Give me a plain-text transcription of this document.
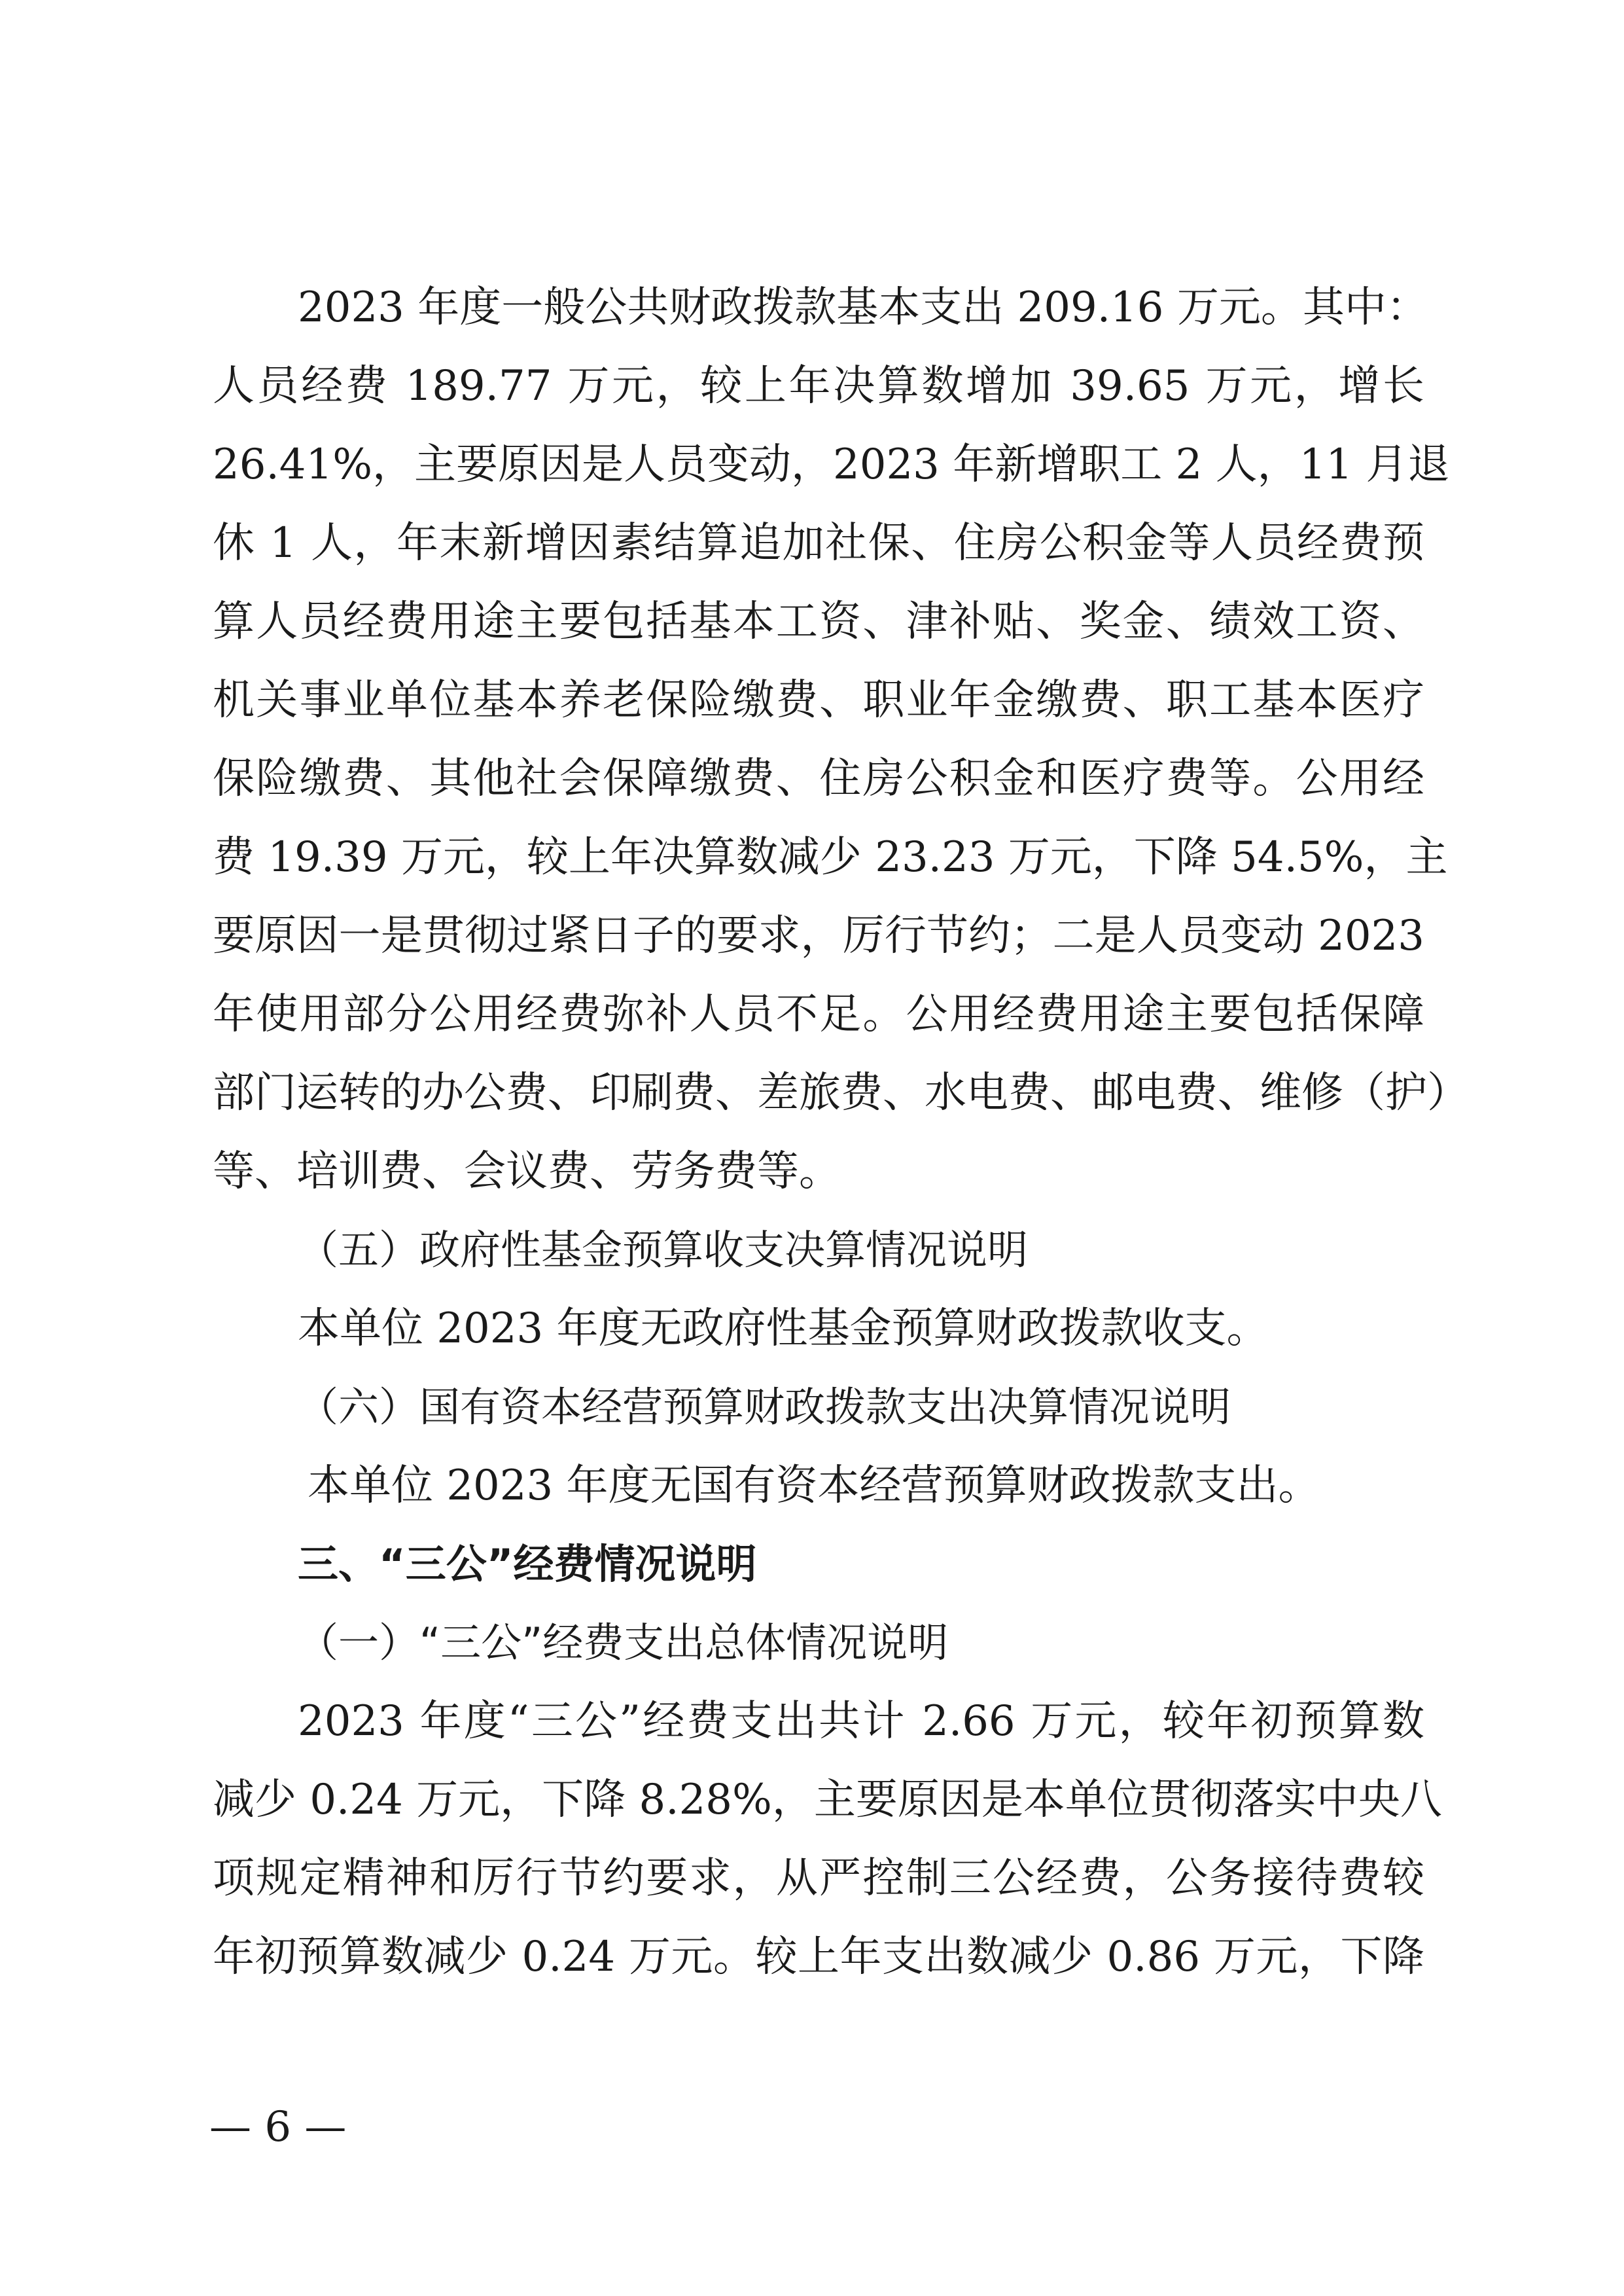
2023 年度一般公共财政拨款基本支出 209.16 万元。其中：
人员经费 189.77 万元，较上年决算数增加 39.65 万元，增长
26.41%，主要原因是人员变动，2023 年新增职工 2 人，11 月退
休 1 人，年末新增因素结算追加社保、住房公积金等人员经费预
算人员经费用途主要包括基本工资、津补贴、奖金、绩效工资、
机关事业单位基本养老保险缴费、职业年金缴费、职工基本医疗
保险缴费、其他社会保障缴费、住房公积金和医疗费等。公用经
费 19.39 万元，较上年决算数减少 23.23 万元，下降 54.5%，主
要原因一是贯彻过紧日子的要求，厉行节约；二是人员变动 2023
年使用部分公用经费弥补人员不足。公用经费用途主要包括保障
部门运转的办公费、印刷费、差旅费、水电费、邮电费、维修（护）
等、培训费、会议费、劳务费等。
（五）政府性基金预算收支决算情况说明
本单位 2023 年度无政府性基金预算财政拨款收支。
（六）国有资本经营预算财政拨款支出决算情况说明
本单位 2023 年度无国有资本经营预算财政拨款支出。
三、“三公”经费情况说明
（一）“三公”经费支出总体情况说明
2023 年度“三公”经费支出共计 2.66 万元，较年初预算数
减少 0.24 万元，下降 8.28%，主要原因是本单位贯彻落实中央八
项规定精神和厉行节约要求，从严控制三公经费，公务接待费较
年初预算数减少 0.24 万元。较上年支出数减少 0.86 万元，下降
— 6 —
